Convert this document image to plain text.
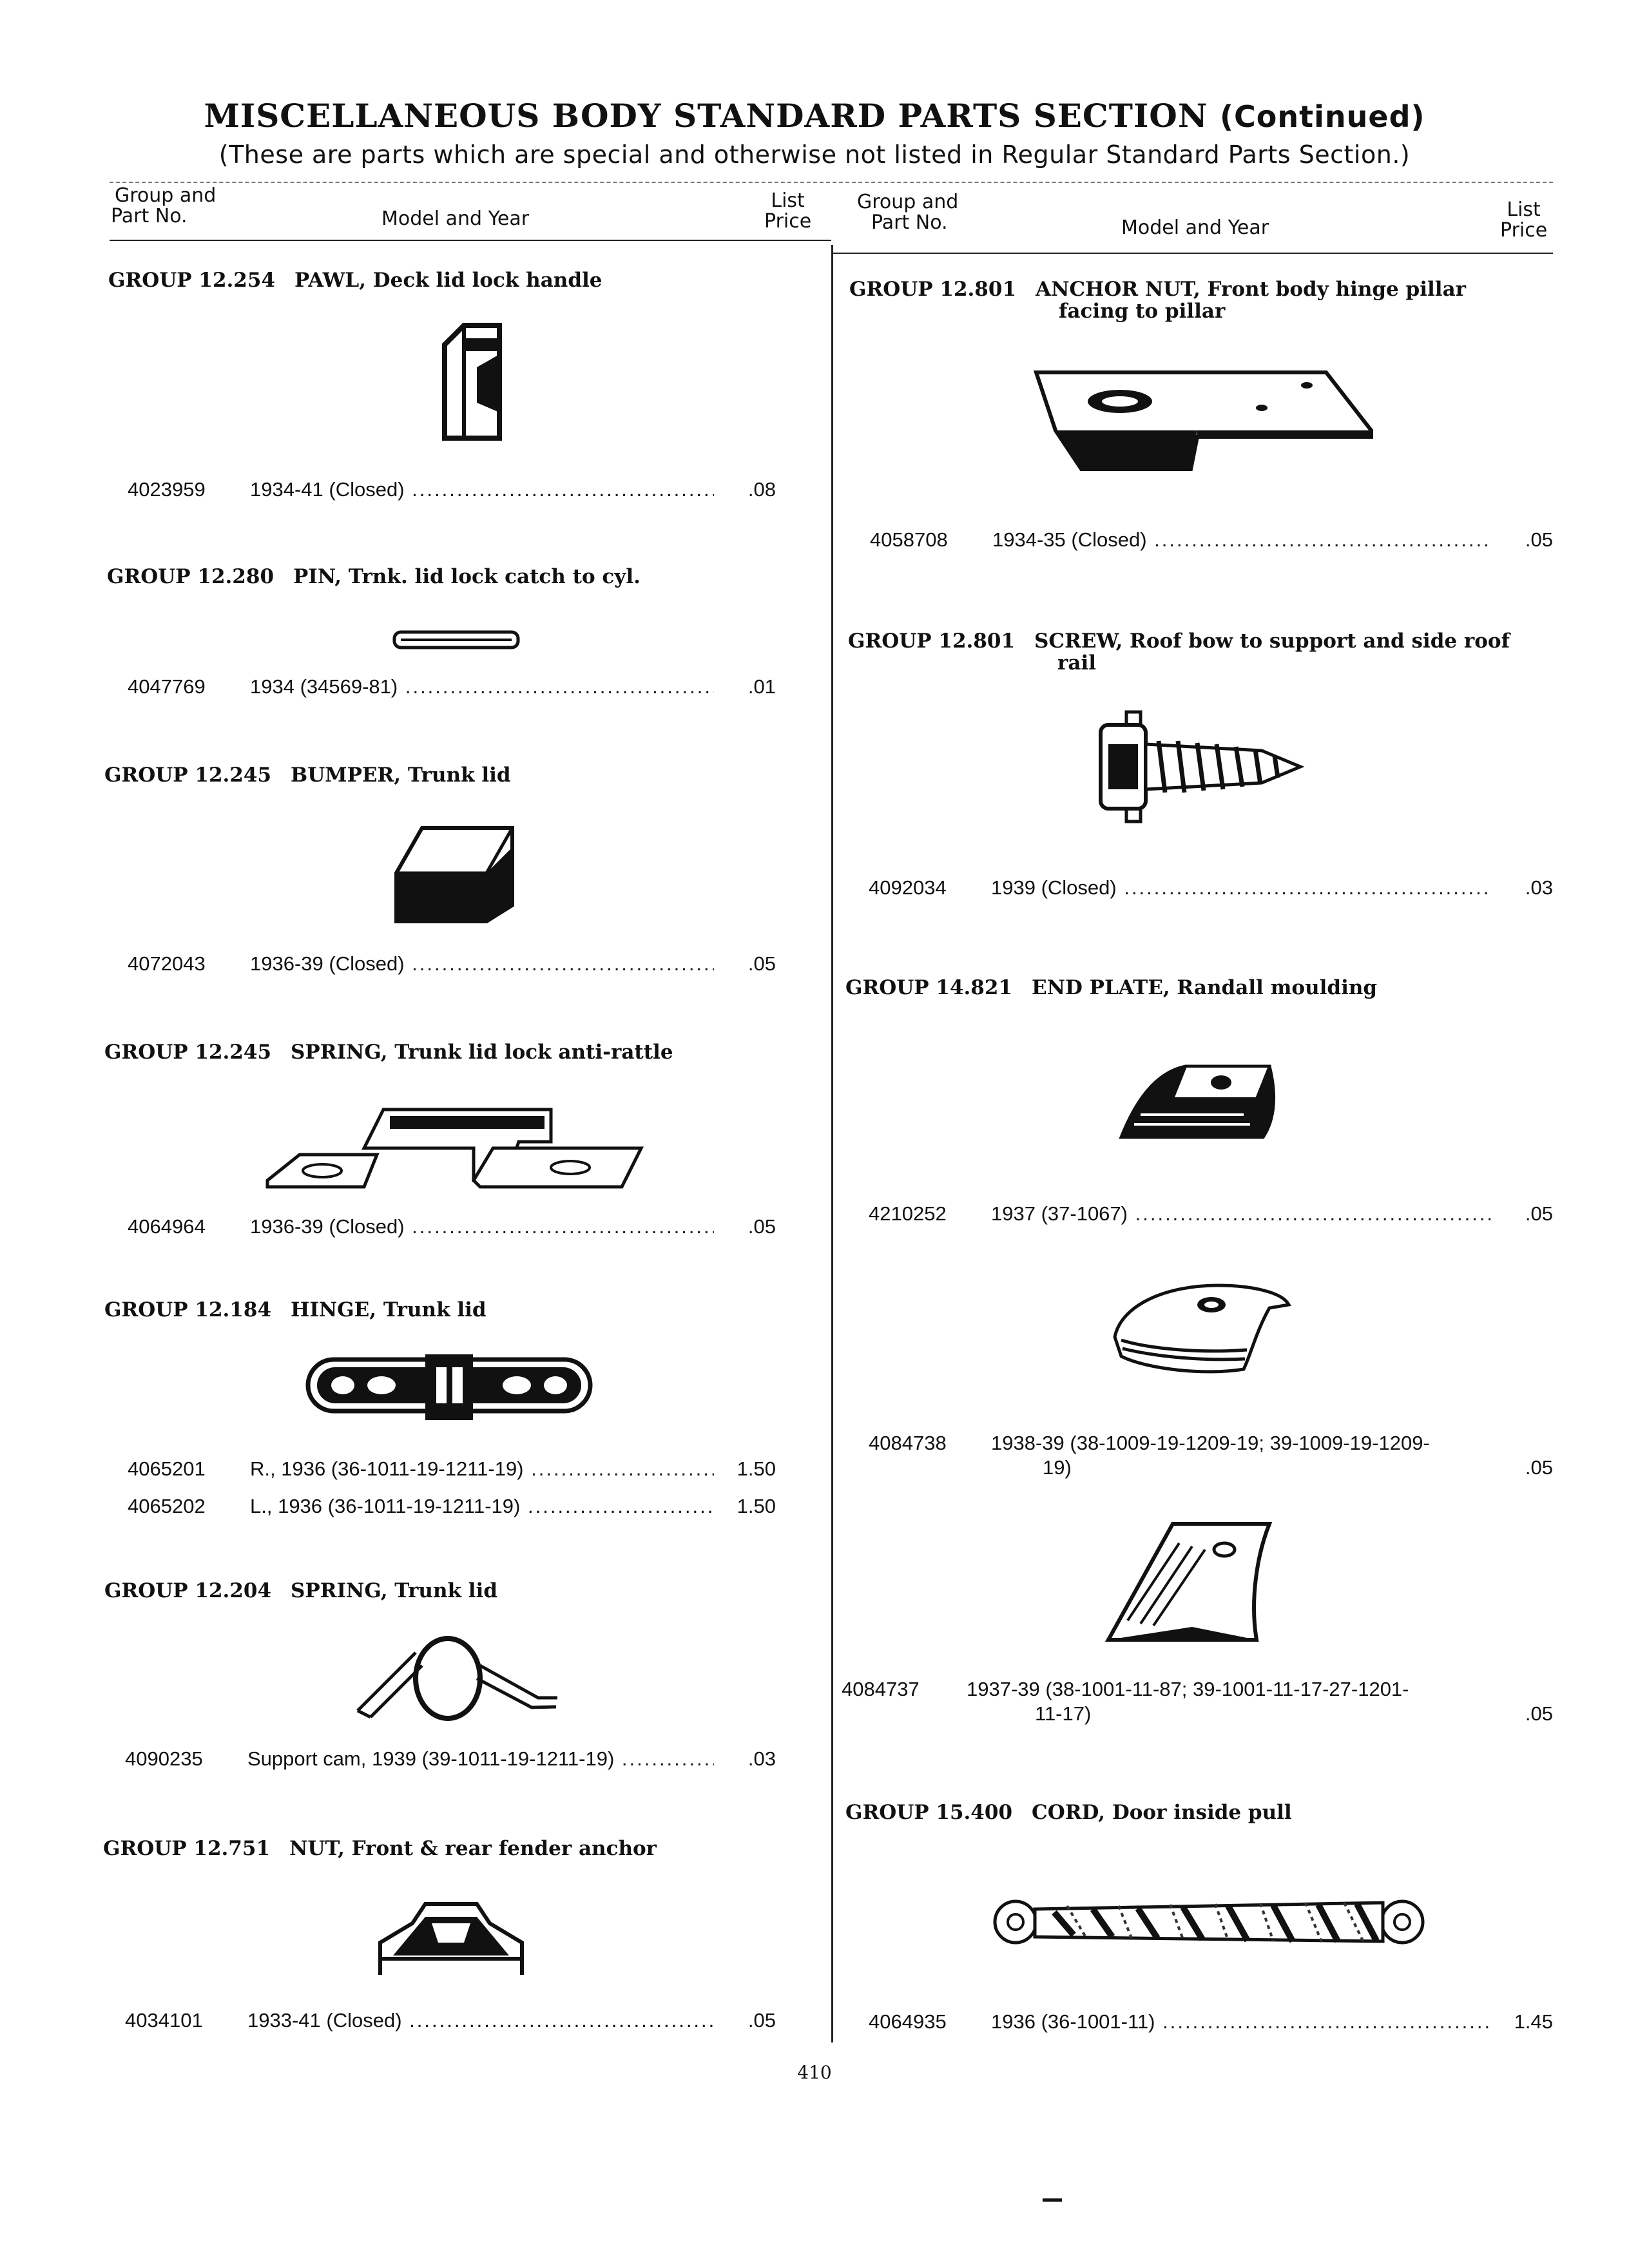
MISCELLANEOUS BODY STANDARD PARTS SECTION (Continued)
(These are parts which are special and otherwise not listed in Regular Standard Parts Section.)
Group and
Part No.	Model and Year
List
Price
Group and
Part No.	Model and Year
List
Price
GROUP 12.254 PAWL, Deck lid lock handle
4023959	1934-41 (Closed) .....	.08
GROUP 12.280 PIN, Trnk. lid lock catch to cyl.
4047769	1934 (34569-81) .....	.01
GROUP 12.245 BUMPER, Trunk lid
4072043	1936-39 (Closed) .....	.05
GROUP 12.245 SPRING, Trunk lid lock anti-rattle
4064964	1936-39 (Closed) .....	.05
GROUP 12.184 HINGE, Trunk lid
4065201	R., 1936 (36-1011-19-1211-19) .....	1.50
4065202	L., 1936 (36-1011-19-1211-19) .....	1.50
GROUP 12.204 SPRING, Trunk lid
4090235	Support cam, 1939 (39-1011-19-1211-19) .....	.03
GROUP 12.751 NUT, Front & rear fender anchor
4034101	1933-41 (Closed) .....	.05
GROUP 12.801 ANCHOR NUT, Front body hinge pillar
facing to pillar
4058708	1934-35 (Closed) .....	.05
GROUP 12.801 SCREW, Roof bow to support and side roof
rail
4092034	1939 (Closed) .....	.03
GROUP 14.821 END PLATE, Randall moulding
4210252	1937 (37-1067) .....	.05
4084738 1938-39 (38-1009-19-1209-19; 39-1009-19-1209-
19)	.05
4084737 1937-39 (38-1001-11-87; 39-1001-11-17-27-1201-
11-17)	.05
GROUP 15.400 CORD, Door inside pull
4064935	1936 (36-1001-11) .....	1.45
410
